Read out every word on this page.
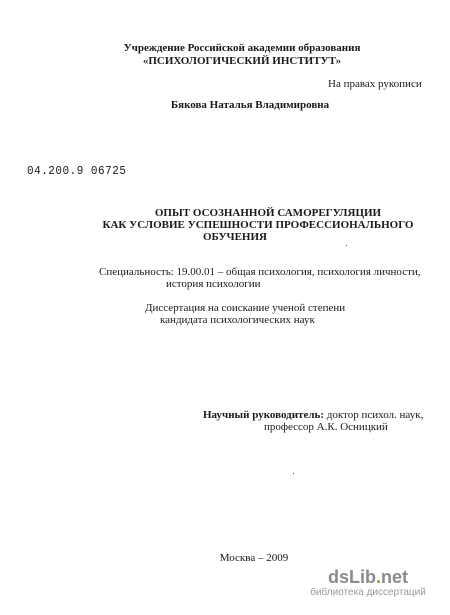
Учреждение Российской академии образования
«ПСИХОЛОГИЧЕСКИЙ ИНСТИТУТ»
На правах рукописи
Бякова Наталья Владимировна
04.200.9 06725
ОПЫТ ОСОЗНАННОЙ САМОРЕГУЛЯЦИИ
КАК УСЛОВИЕ УСПЕШНОСТИ ПРОФЕССИОНАЛЬНОГО
ОБУЧЕНИЯ
Специальность: 19.00.01 – общая психология, психология личности,
история психологии
Диссертация на соискание ученой степени
кандидата психологических наук
Научный руководитель: доктор психол. наук,
профессор А.К. Осницкий
Москва – 2009
dsLib.net
библиотека диссертаций
